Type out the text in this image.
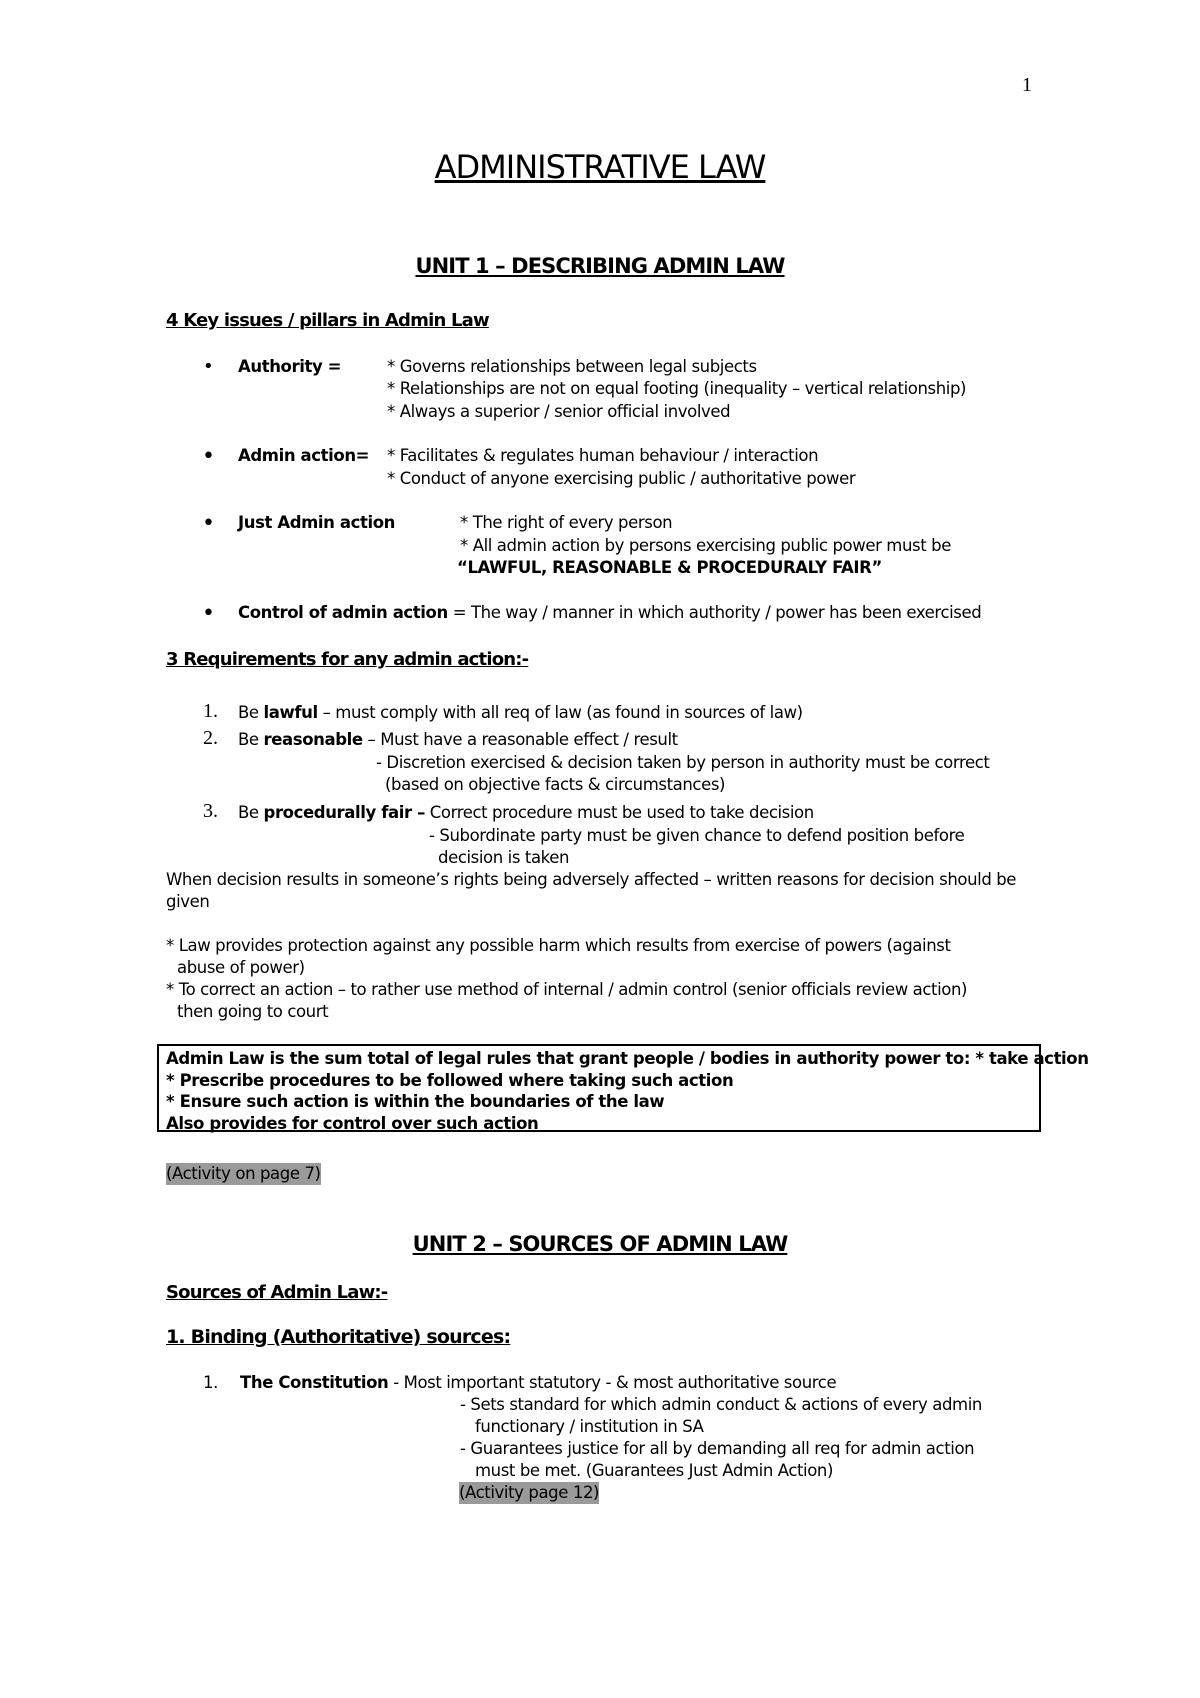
1
ADMINISTRATIVE LAW
UNIT 1 – DESCRIBING ADMIN LAW
4 Key issues / pillars in Admin Law
• Authority =	* Governs relationships between legal subjects
* Relationships are not on equal footing (inequality – vertical relationship)
* Always a superior / senior official involved
• Admin action= * Facilitates & regulates human behaviour / interaction
* Conduct of anyone exercising public / authoritative power
• Just Admin action	* The right of every person
* All admin action by persons exercising public power must be
“LAWFUL, REASONABLE & PROCEDURALY FAIR”
• Control of admin action = The way / manner in which authority / power has been exercised
3 Requirements for any admin action:-
1. Be lawful – must comply with all req of law (as found in sources of law)
2. Be reasonable – Must have a reasonable effect / result
- Discretion exercised & decision taken by person in authority must be correct
(based on objective facts & circumstances)
3. Be procedurally fair – Correct procedure must be used to take decision
- Subordinate party must be given chance to defend position before
decision is taken
When decision results in someone’s rights being adversely affected – written reasons for decision should be
given
* Law provides protection against any possible harm which results from exercise of powers (against
abuse of power)
* To correct an action – to rather use method of internal / admin control (senior officials review action)
then going to court
Admin Law is the sum total of legal rules that grant people / bodies in authority power to: * take action
* Prescribe procedures to be followed where taking such action
* Ensure such action is within the boundaries of the law
Also provides for control over such action
(Activity on page 7)
UNIT 2 – SOURCES OF ADMIN LAW
Sources of Admin Law:-
1. Binding (Authoritative) sources:
1. The Constitution - Most important statutory - & most authoritative source
- Sets standard for which admin conduct & actions of every admin
functionary / institution in SA
- Guarantees justice for all by demanding all req for admin action
must be met. (Guarantees Just Admin Action)
(Activity page 12)
